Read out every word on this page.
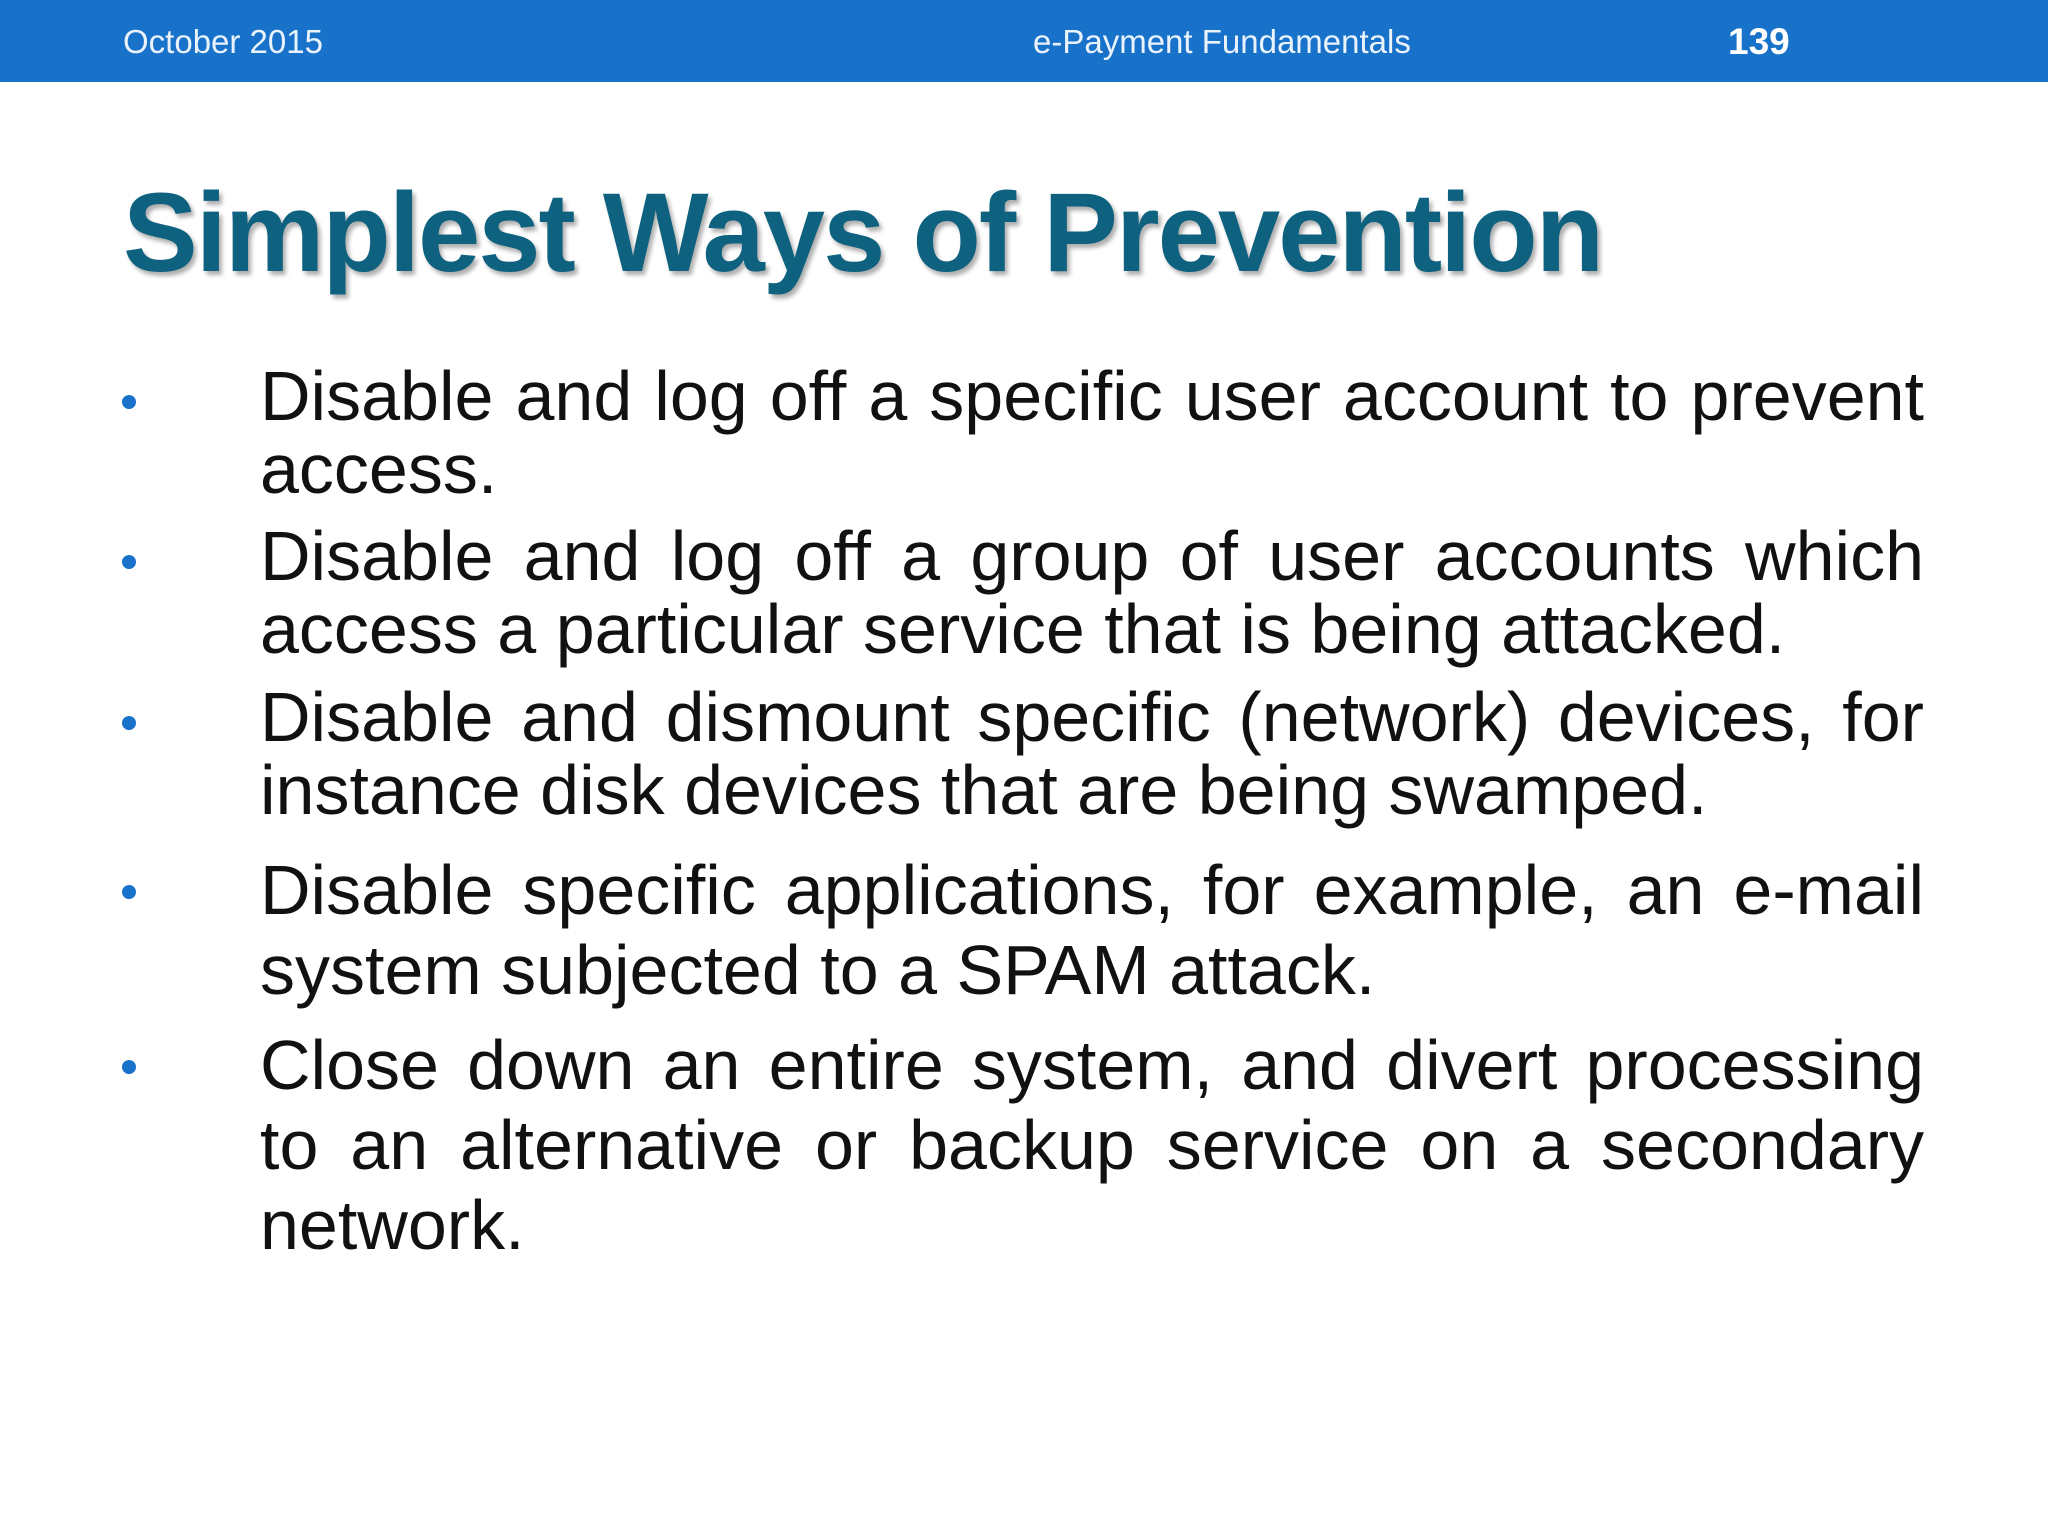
October 2015	e-Payment Fundamentals	139
Simplest Ways of Prevention
Disable and log off a specific user account to prevent access.
Disable and log off a group of user accounts which access a particular service that is being attacked.
Disable and dismount specific (network) devices, for instance disk devices that are being swamped.
Disable specific applications, for example, an e-mail system subjected to a SPAM attack.
Close down an entire system, and divert processing to an alternative or backup service on a secondary network.
